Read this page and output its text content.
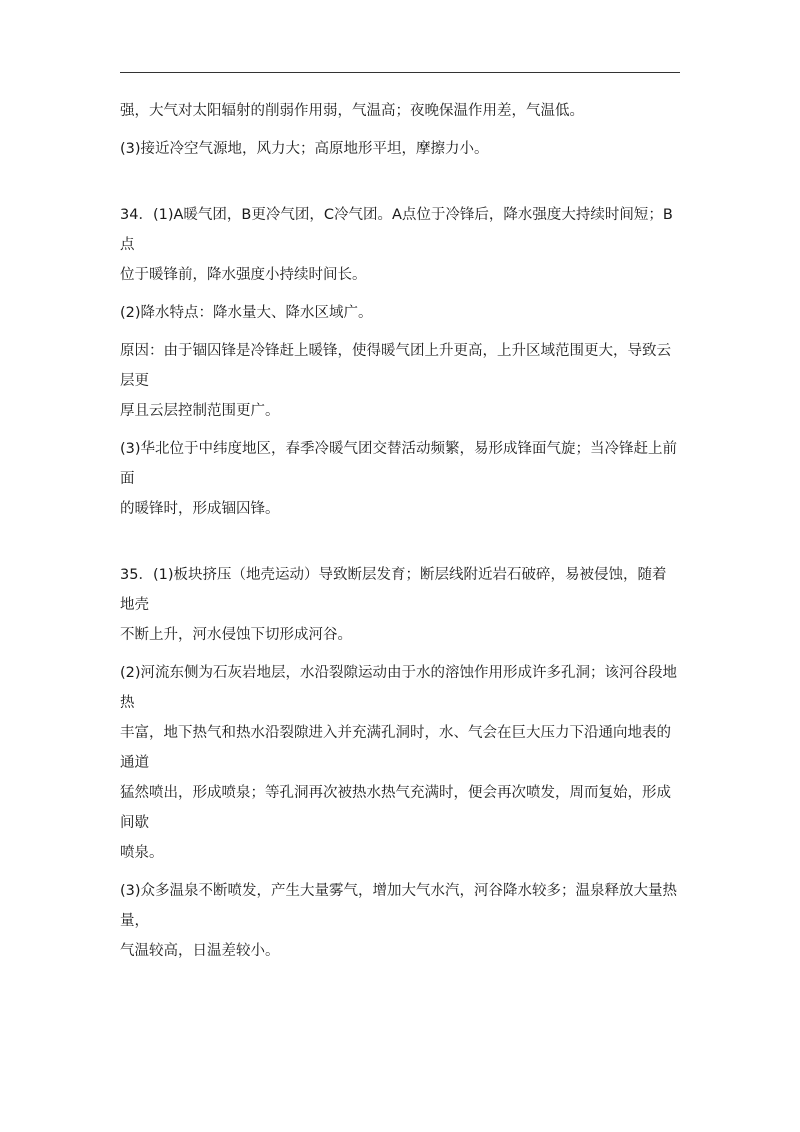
强，大气对太阳辐射的削弱作用弱，气温高；夜晚保温作用差，气温低。

(3)接近冷空气源地，风力大；高原地形平坦，摩擦力小。

34．(1)A暖气团，B更冷气团，C冷气团。A点位于冷锋后，降水强度大持续时间短；B点

位于暖锋前，降水强度小持续时间长。

(2)降水特点：降水量大、降水区域广。

原因：由于锢囚锋是冷锋赶上暖锋，使得暖气团上升更高，上升区域范围更大，导致云层更

厚且云层控制范围更广。

(3)华北位于中纬度地区，春季冷暖气团交替活动频繁，易形成锋面气旋；当冷锋赶上前面

的暖锋时，形成锢囚锋。

35．(1)板块挤压（地壳运动）导致断层发育；断层线附近岩石破碎，易被侵蚀，随着地壳

不断上升，河水侵蚀下切形成河谷。

(2)河流东侧为石灰岩地层，水沿裂隙运动由于水的溶蚀作用形成许多孔洞；该河谷段地热

丰富，地下热气和热水沿裂隙进入并充满孔洞时，水、气会在巨大压力下沿通向地表的通道

猛然喷出，形成喷泉；等孔洞再次被热水热气充满时，便会再次喷发，周而复始，形成间歇

喷泉。

(3)众多温泉不断喷发，产生大量雾气，增加大气水汽，河谷降水较多；温泉释放大量热量，

气温较高，日温差较小。
